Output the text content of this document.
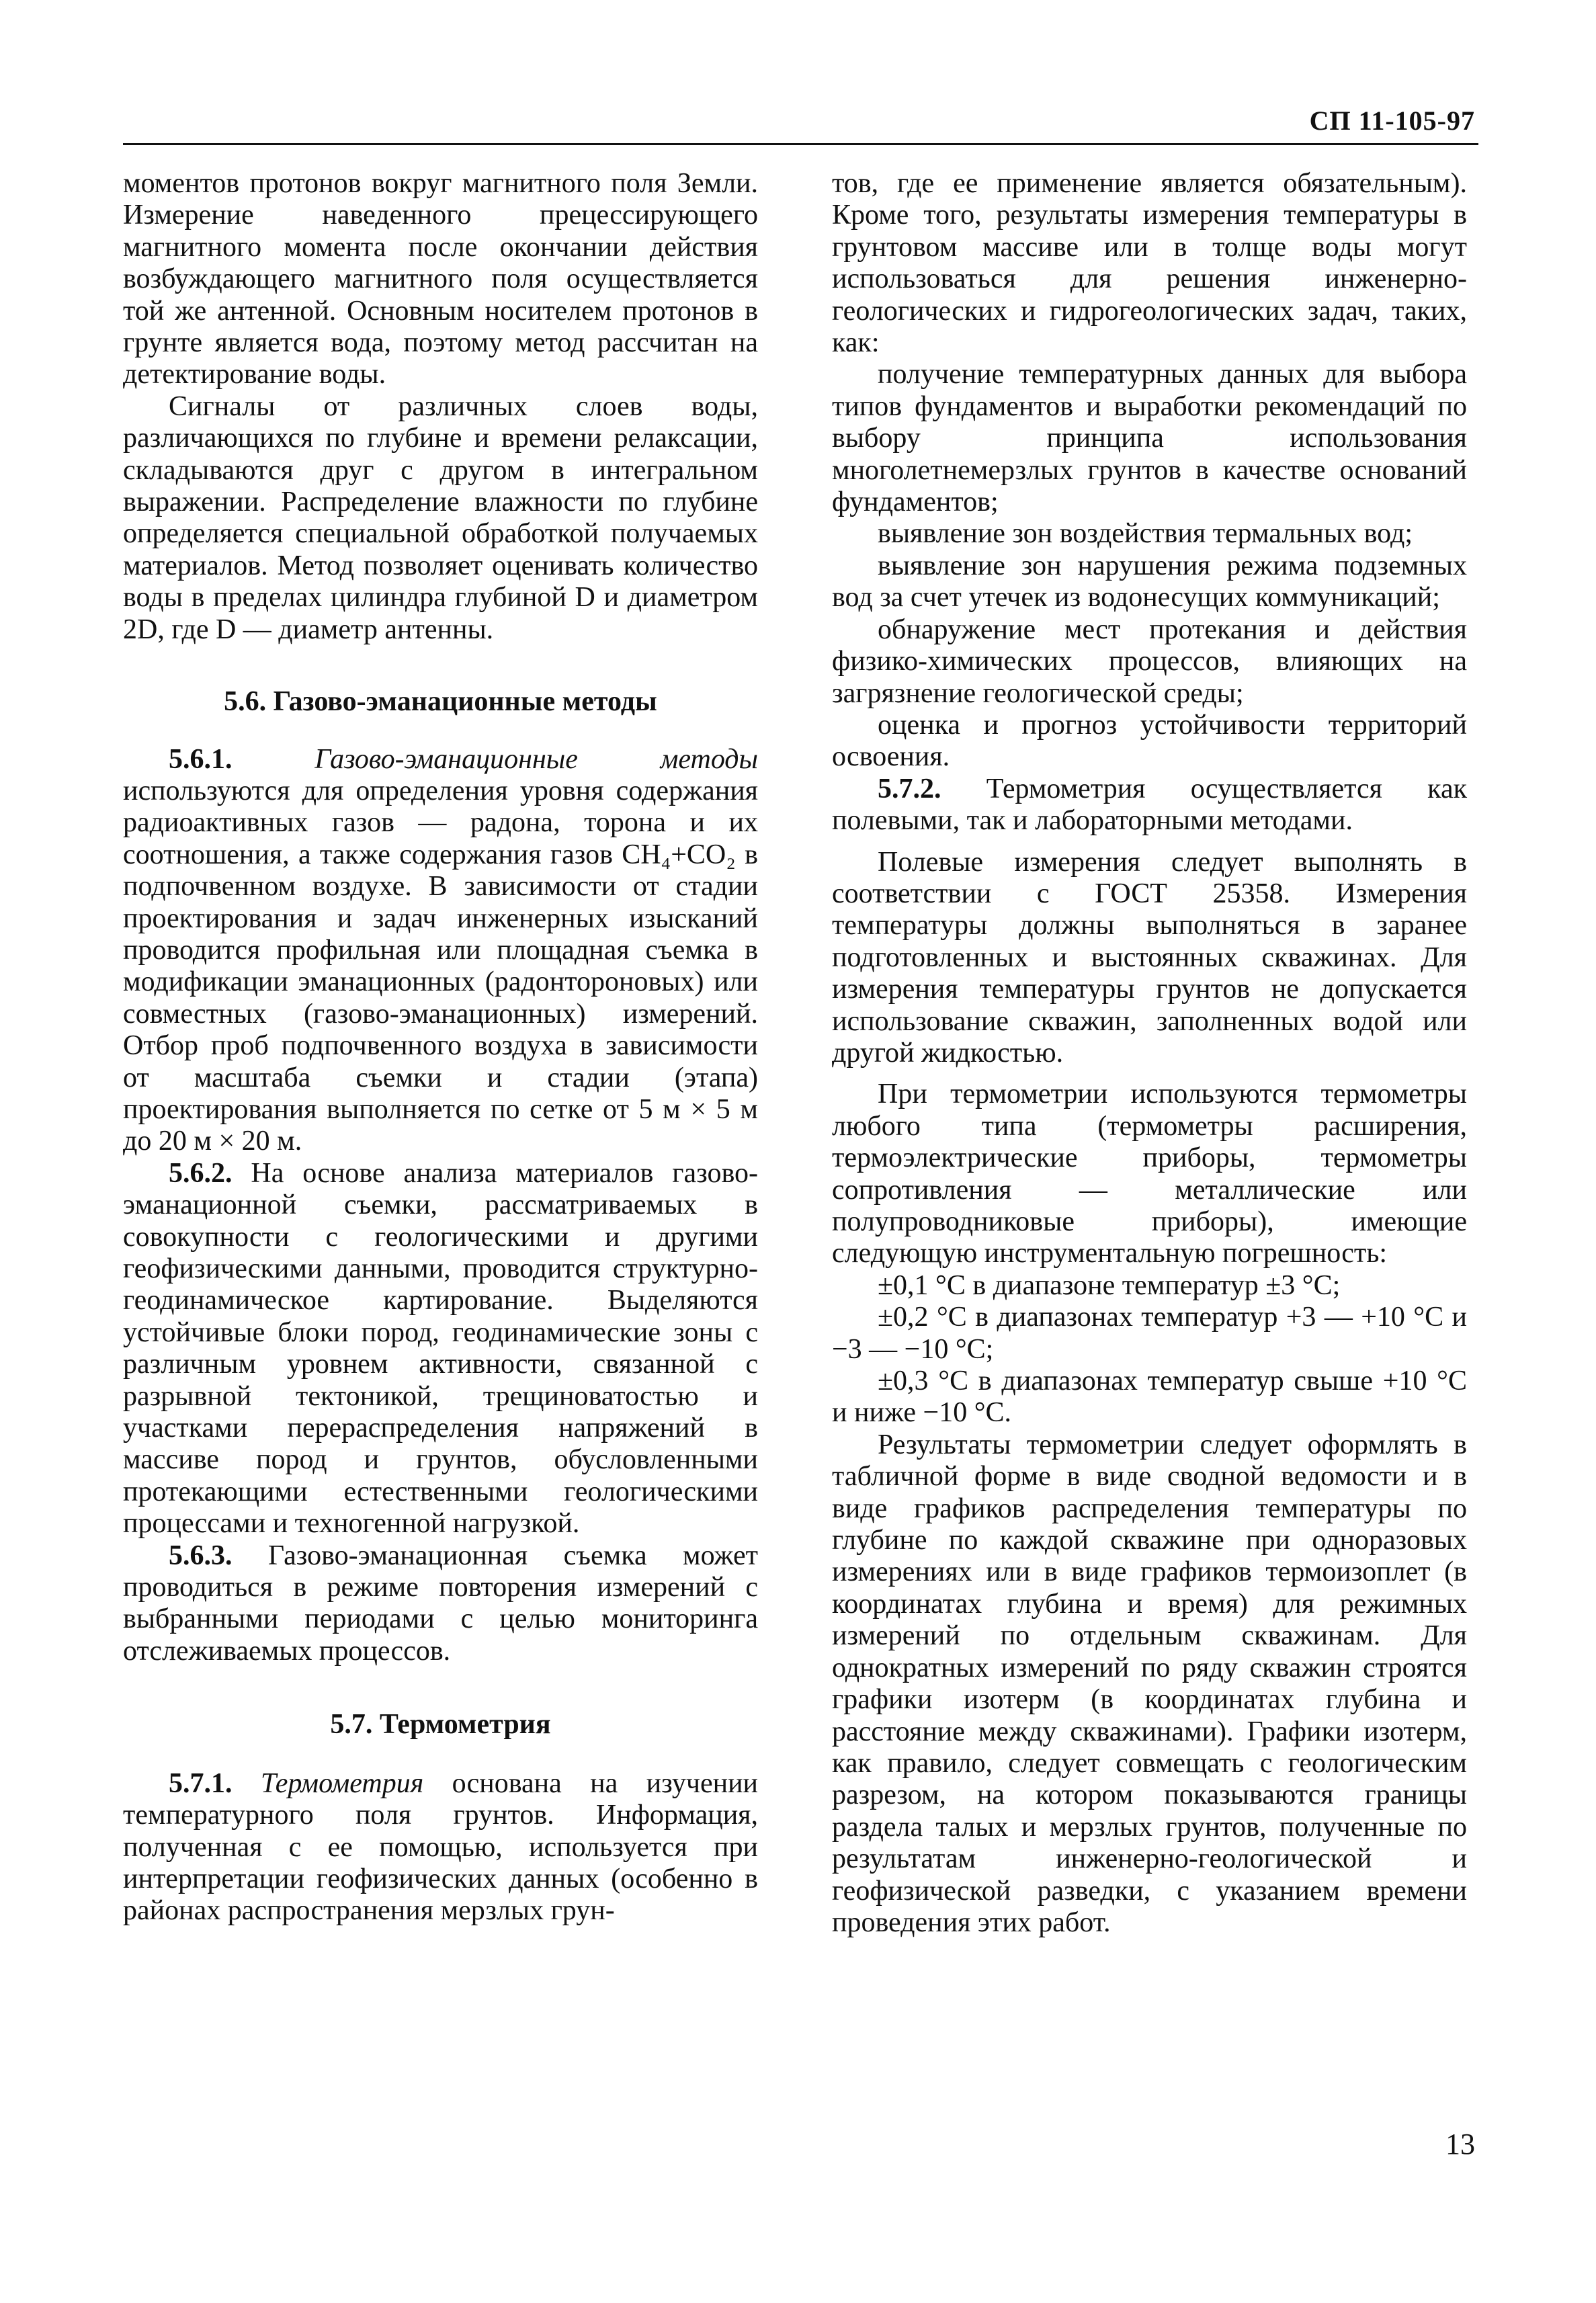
СП 11-105-97

моментов протонов вокруг магнитного поля Земли. Измерение наведенного прецессирующего магнитного момента после окончании действия возбуждающего магнитного поля осуществляется той же антенной. Основным носителем протонов в грунте является вода, поэтому метод рассчитан на детектирование воды.

Сигналы от различных слоев воды, различающихся по глубине и времени релаксации, складываются друг с другом в интегральном выражении. Распределение влажности по глубине определяется специальной обработкой получаемых материалов. Метод позволяет оценивать количество воды в пределах цилиндра глубиной D и диаметром 2D, где D — диаметр антенны.

5.6. Газово-эманационные методы

5.6.1.	Газово-эманационные методы используются для определения уровня содержания радиоактивных газов — радона, торона и их соотношения, а также содержания газов CH₄+CO₂ в подпочвенном воздухе. В зависимости от стадии проектирования и задач инженерных изысканий проводится профильная или площадная съемка в модификации эманационных (радонтороновых) или совместных (газово-эманационных) измерений. Отбор проб подпочвенного воздуха в зависимости от масштаба съемки и стадии (этапа) проектирования выполняется по сетке от 5 м × 5 м до 20 м × 20 м.

5.6.2. На основе анализа материалов газово-эманационной съемки, рассматриваемых в совокупности с геологическими и другими геофизическими данными, проводится структурно-геодинамическое картирование. Выделяются устойчивые блоки пород, геодинамические зоны с различным уровнем активности, связанной с разрывной тектоникой, трещиноватостью и участками перераспределения напряжений в массиве пород и грунтов, обусловленными протекающими естественными геологическими процессами и техногенной нагрузкой.

5.6.3. Газово-эманационная съемка может проводиться в режиме повторения измерений с выбранными периодами с целью мониторинга отслеживаемых процессов.

5.7. Термометрия

5.7.1. Термометрия основана на изучении температурного поля грунтов. Информация, полученная с ее помощью, используется при интерпретации геофизических данных (особенно в районах распространения мерзлых грун-

тов, где ее применение является обязательным). Кроме того, результаты измерения температуры в грунтовом массиве или в толще воды могут использоваться для решения инженерно-геологических и гидрогеологических задач, таких, как:

получение температурных данных для выбора типов фундаментов и выработки рекомендаций по выбору принципа использования многолетнемерзлых грунтов в качестве оснований фундаментов;

выявление зон воздействия термальных вод;

выявление зон нарушения режима подземных вод за счет утечек из водонесущих коммуникаций;

обнаружение мест протекания и действия физико-химических процессов, влияющих на загрязнение геологической среды;

оценка и прогноз устойчивости территорий освоения.

5.7.2. Термометрия осуществляется как полевыми, так и лабораторными методами.

Полевые измерения следует выполнять в соответствии с ГОСТ 25358. Измерения температуры должны выполняться в заранее подготовленных и выстоянных скважинах. Для измерения температуры грунтов не допускается использование скважин, заполненных водой или другой жидкостью.

При термометрии используются термометры любого типа (термометры расширения, термоэлектрические приборы, термометры сопротивления — металлические или полупроводниковые приборы), имеющие следующую инструментальную погрешность:

±0,1 °С в диапазоне температур ±3 °С;

±0,2 °С в диапазонах температур +3 — +10 °С и −3 — −10 °С;

±0,3 °С в диапазонах температур свыше +10 °С и ниже −10 °С.

Результаты термометрии следует оформлять в табличной форме в виде сводной ведомости и в виде графиков распределения температуры по глубине по каждой скважине при одноразовых измерениях или в виде графиков термоизоплет (в координатах глубина и время) для режимных измерений по отдельным скважинам. Для однократных измерений по ряду скважин строятся графики изотерм (в координатах глубина и расстояние между скважинами). Графики изотерм, как правило, следует совмещать с геологическим разрезом, на котором показываются границы раздела талых и мерзлых грунтов, полученные по результатам инженерно-геологической и геофизической разведки, с указанием времени проведения этих работ.

13
